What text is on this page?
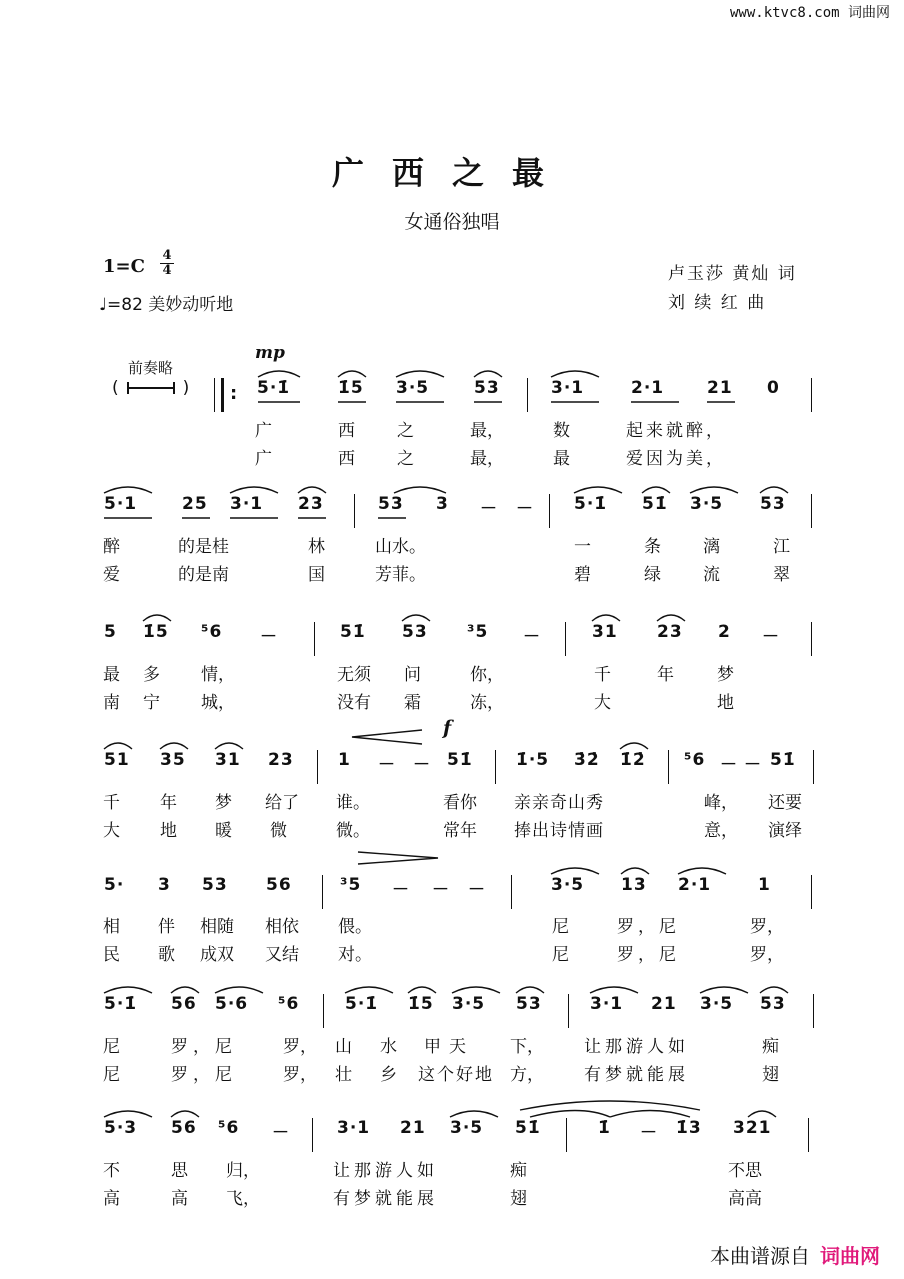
www.ktvc8.com 词曲网
广西之最
女通俗独唱
1=C
4
4
♩=82 美妙动听地
卢玉莎 黄灿 词
刘 续 红 曲
前奏略
(	)
mp
f
:
5·1̇	1̇5 3·5	53	3·1	2·1	21 0
广	西 之	最，	数	起来就醉，
广	西 之	最，	最	爱因为美，
5·1	25 3·1 23	53 3 － － 5·1̇ 51̇ 3·5 53
醉	的是桂	林	山水。	一	条 漓	江
爱	的是南	国	芳菲。	碧	绿 流	翠
5 1̇5 ⁵6 －	51̇ 53 ³5 －	31 23 2 －
最 多 情，	无须 问	你，	千	年	梦
南 宁 城，	没有 霜	冻，	大	地
51 35 31 23	1 － － 51̇	1̇·5 3̇2̇ 1̇2̇ ⁵6 － － 51̇
千 年 梦 给了 谁。	看你 亲亲奇山秀	峰， 还要
大 地 暖 微	微。	常年 捧出诗情画	意， 演绎
5· 3 53 56	³5 － － －	3·5 13 2·1	1
相 伴 相随 相依 偎。	尼	罗，尼	罗，
民 歌 成双 又结 对。	尼	罗，尼	罗，
5·1̇ 56 5·6 ⁵6	5·1̇ 1̇5 3·5 53	3·1 21 3·5 53
尼	罗，尼	罗， 山 水 甲天 下， 让那游人如	痴
尼	罗，尼	罗， 壮 乡 这个好地 方， 有梦就能展	翅
5·3 56 ⁵6 －	3·1 21 3·5 51̇	1̇ － 1̇3 321
不	思 归，	让那游人如	痴	不思
高	高 飞，	有梦就能展	翅	高高
本曲谱源自 词曲网
